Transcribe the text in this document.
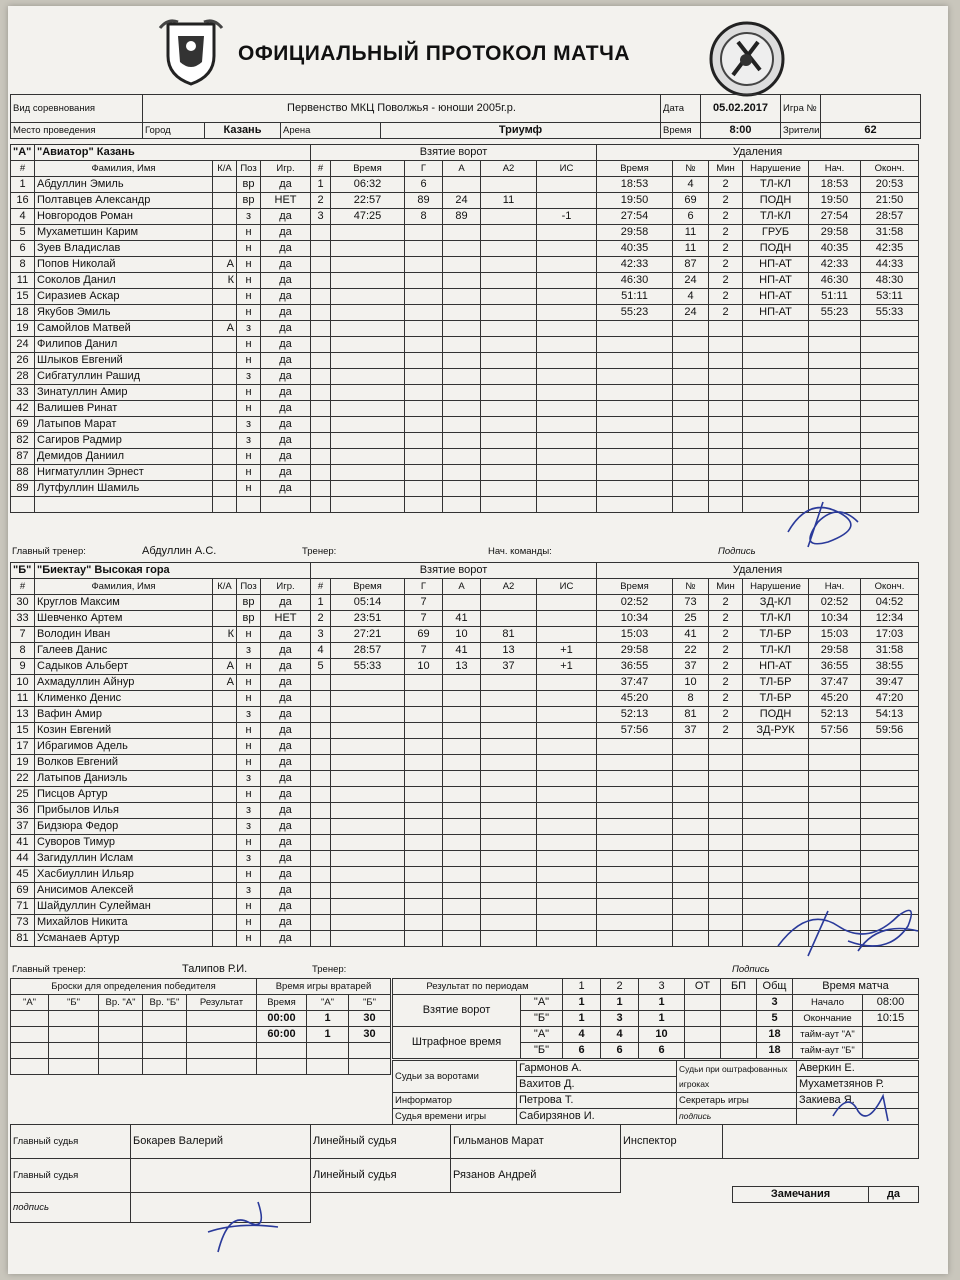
ОФИЦИАЛЬНЫЙ ПРОТОКОЛ МАТЧА
Вид соревнования	Первенство МКЦ Поволжья - юноши 2005г.р.				Дата	05.02.2017	Игра №	
Место проведения	Город	Казань	Арена	Триумф	Время	8:00	Зрители	62
"А"	"Авиатор" Казань			
#	Фамилия, Имя	К/А	Поз	Игр.
1	Абдуллин Эмиль		вр	да
16	Полтавцев Александр		вр	НЕТ
4	Новгородов Роман		з	да
5	Мухаметшин Карим		н	да
6	Зуев Владислав		н	да
8	Попов Николай	А	н	да
11	Соколов Данил	К	н	да
15	Сиразиев Аскар		н	да
18	Якубов Эмиль		н	да
19	Самойлов Матвей	А	з	да
24	Филипов Данил		н	да
26	Шлыков Евгений		н	да
28	Сибгатуллин Рашид		з	да
33	Зинатуллин Амир		н	да
42	Валишев Ринат		н	да
69	Латыпов Марат		з	да
82	Сагиров Радмир		з	да
87	Демидов Даниил		н	да
88	Нигматуллин Эрнест		н	да
89	Лутфуллин Шамиль		н	да

Взятие ворот					
#	Время	Г	А	А2	ИС
1	06:32	6			
2	22:57	89	24	11	
3	47:25	8	89		-1

Удаления					
Время	№	Мин	Нарушение	Нач.	Оконч.
18:53	4	2	ТЛ-КЛ	18:53	20:53
19:50	69	2	ПОДН	19:50	21:50
27:54	6	2	ТЛ-КЛ	27:54	28:57
29:58	11	2	ГРУБ	29:58	31:58
40:35	11	2	ПОДН	40:35	42:35
42:33	87	2	НП-АТ	42:33	44:33
46:30	24	2	НП-АТ	46:30	48:30
51:11	4	2	НП-АТ	51:11	53:11
55:23	24	2	НП-АТ	55:23	55:33

Главный тренер:	Абдуллин А.С.	Тренер:	Нач. команды:		Подпись
"Б"	"Биектау" Высокая гора			
#	Фамилия, Имя	К/А	Поз	Игр.
30	Круглов Максим		вр	да
33	Шевченко Артем		вр	НЕТ
7	Володин Иван	К	н	да
8	Галеев Данис		з	да
9	Садыков Альберт	А	н	да
10	Ахмадуллин Айнур	А	н	да
11	Клименко Денис		н	да
13	Вафин Амир		з	да
15	Козин Евгений		н	да
17	Ибрагимов Адель		н	да
19	Волков Евгений		н	да
22	Латыпов Даниэль		з	да
25	Писцов Артур		н	да
36	Прибылов Илья		з	да
37	Бидзюра Федор		з	да
41	Суворов Тимур		н	да
44	Загидуллин Ислам		з	да
45	Хасбиуллин Ильяр		н	да
69	Анисимов Алексей		з	да
71	Шайдуллин Сулейман		н	да
73	Михайлов Никита		н	да
81	Усманаев Артур		н	да
Взятие ворот					
#	Время	Г	А	А2	ИС
1	05:14	7			
2	23:51	7	41		
3	27:21	69	10	81	
4	28:57	7	41	13	+1
5	55:33	10	13	37	+1

Удаления					
Время	№	Мин	Нарушение	Нач.	Оконч.
02:52	73	2	ЗД-КЛ	02:52	04:52
10:34	25	2	ТЛ-КЛ	10:34	12:34
15:03	41	2	ТЛ-БР	15:03	17:03
29:58	22	2	ТЛ-КЛ	29:58	31:58
36:55	37	2	НП-АТ	36:55	38:55
37:47	10	2	ТЛ-БР	37:47	39:47
45:20	8	2	ТЛ-БР	45:20	47:20
52:13	81	2	ПОДН	52:13	54:13
57:56	37	2	ЗД-РУК	57:56	59:56

Главный тренер:	Талипов Р.И.	Тренер:	Подпись
Броски для определения победителя				
"А"	"Б"	Вр. "А"	Вр. "Б"	Результат

Время игры вратарей		
Время	"А"	"Б"
00:00	1	30
60:00	1	30

Результат по периодам		1	2	3	ОТ	БП	Общ
Взятие ворот	"А"	1	1	1			3
	"Б"	1	3	1			5
Штрафное время	"А"	4	4	10			18
	"Б"	6	6	6			18
Время матча	
Начало	08:00
Окончание	10:15
тайм-аут "А"	
тайм-аут "Б"	
Судьи за воротами	Гармонов А.	Судьи при оштрафованных игроках	Аверкин Е.
	Вахитов Д.		Мухаметзянов Р.
Информатор	Петрова Т.	Секретарь игры	Закиева Я.
Судья времени игры	Сабирзянов И.	подпись	
Главный судья	Бокарев Валерий	Линейный судья	Гильманов Марат	Инспектор	
Главный судья		Линейный судья	Рязанов Андрей		
подпись					
Замечания	да
